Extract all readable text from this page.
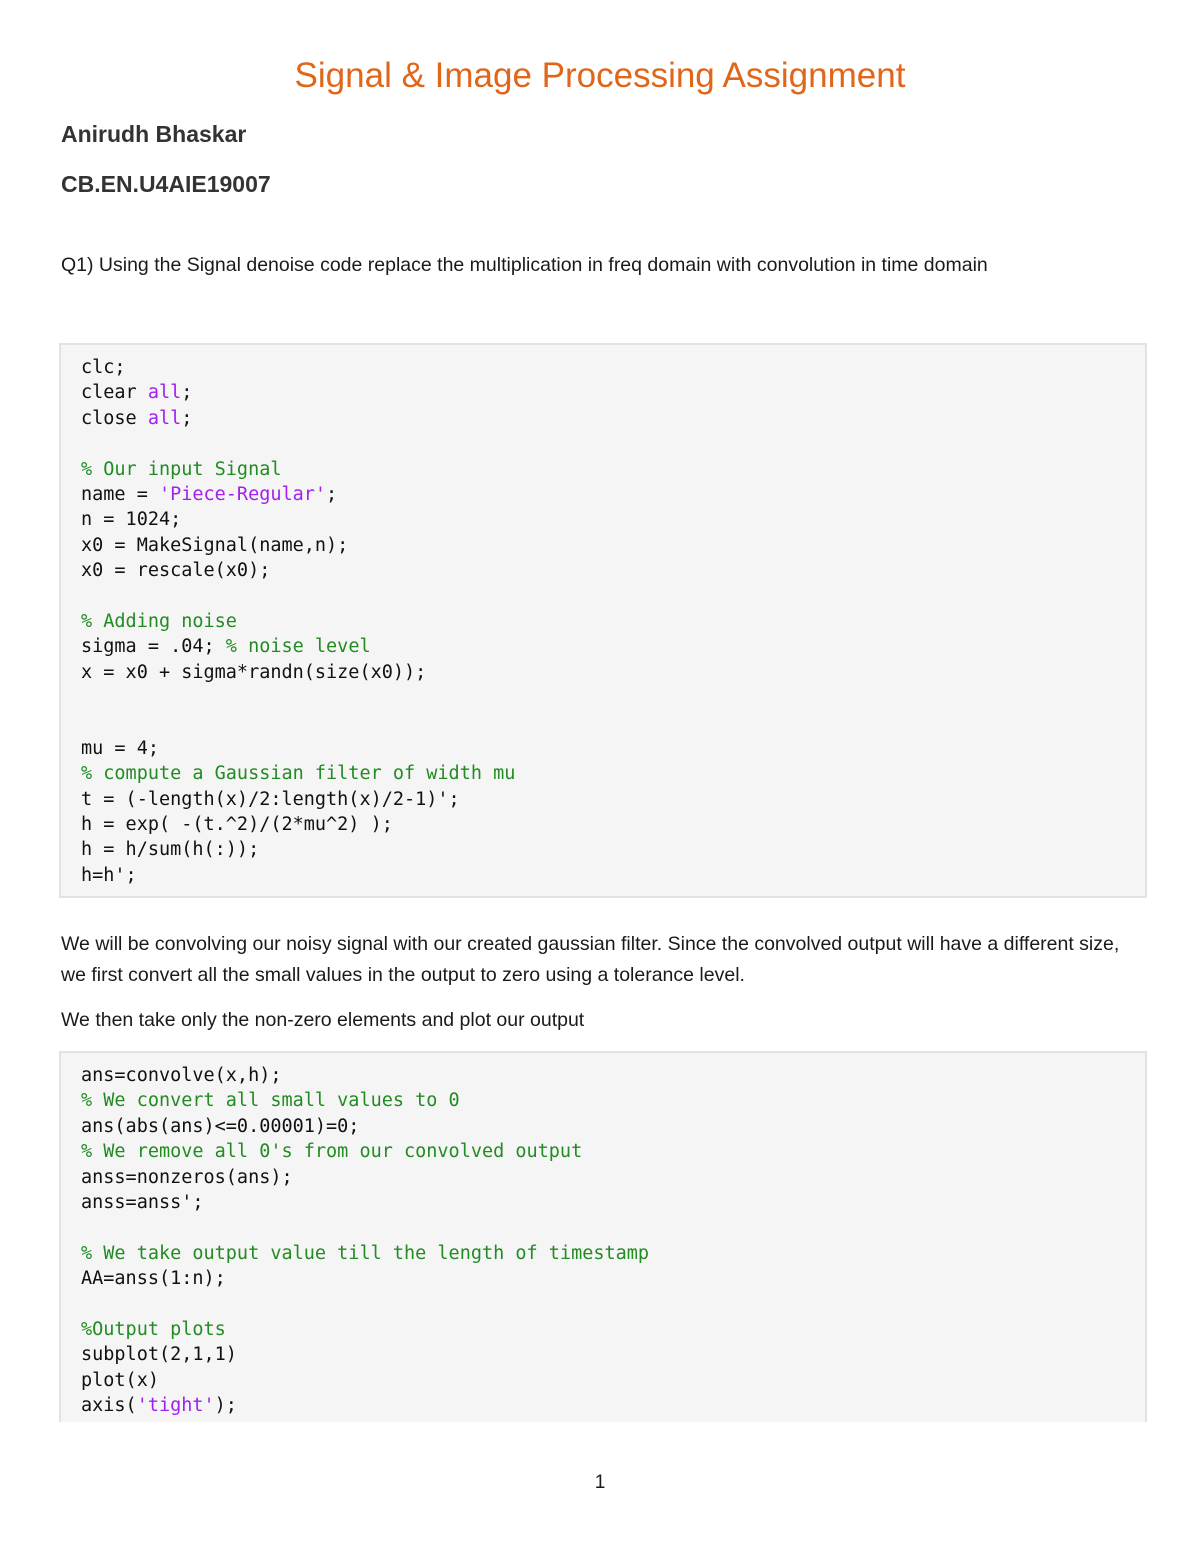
Signal & Image Processing Assignment

Anirudh Bhaskar

CB.EN.U4AIE19007

Q1) Using the Signal denoise code replace the multiplication in freq domain with convolution in time domain

clc;
clear all;
close all;

% Our input Signal
name = 'Piece-Regular';
n = 1024;
x0 = MakeSignal(name,n);
x0 = rescale(x0);

% Adding noise
sigma = .04; % noise level
x = x0 + sigma*randn(size(x0));

mu = 4;
% compute a Gaussian filter of width mu
t = (-length(x)/2:length(x)/2-1)';
h = exp( -(t.^2)/(2*mu^2) );
h = h/sum(h(:));
h=h';

We will be convolving our noisy signal with our created gaussian filter. Since the convolved output will have a different size, we first convert all the small values in the output to zero using a tolerance level.

We then take only the non-zero elements and plot our output

ans=convolve(x,h);
% We convert all small values to 0
ans(abs(ans)<=0.00001)=0;
% We remove all 0's from our convolved output
anss=nonzeros(ans);
anss=anss';

% We take output value till the length of timestamp
AA=anss(1:n);

%Output plots
subplot(2,1,1)
plot(x)
axis('tight');

1
